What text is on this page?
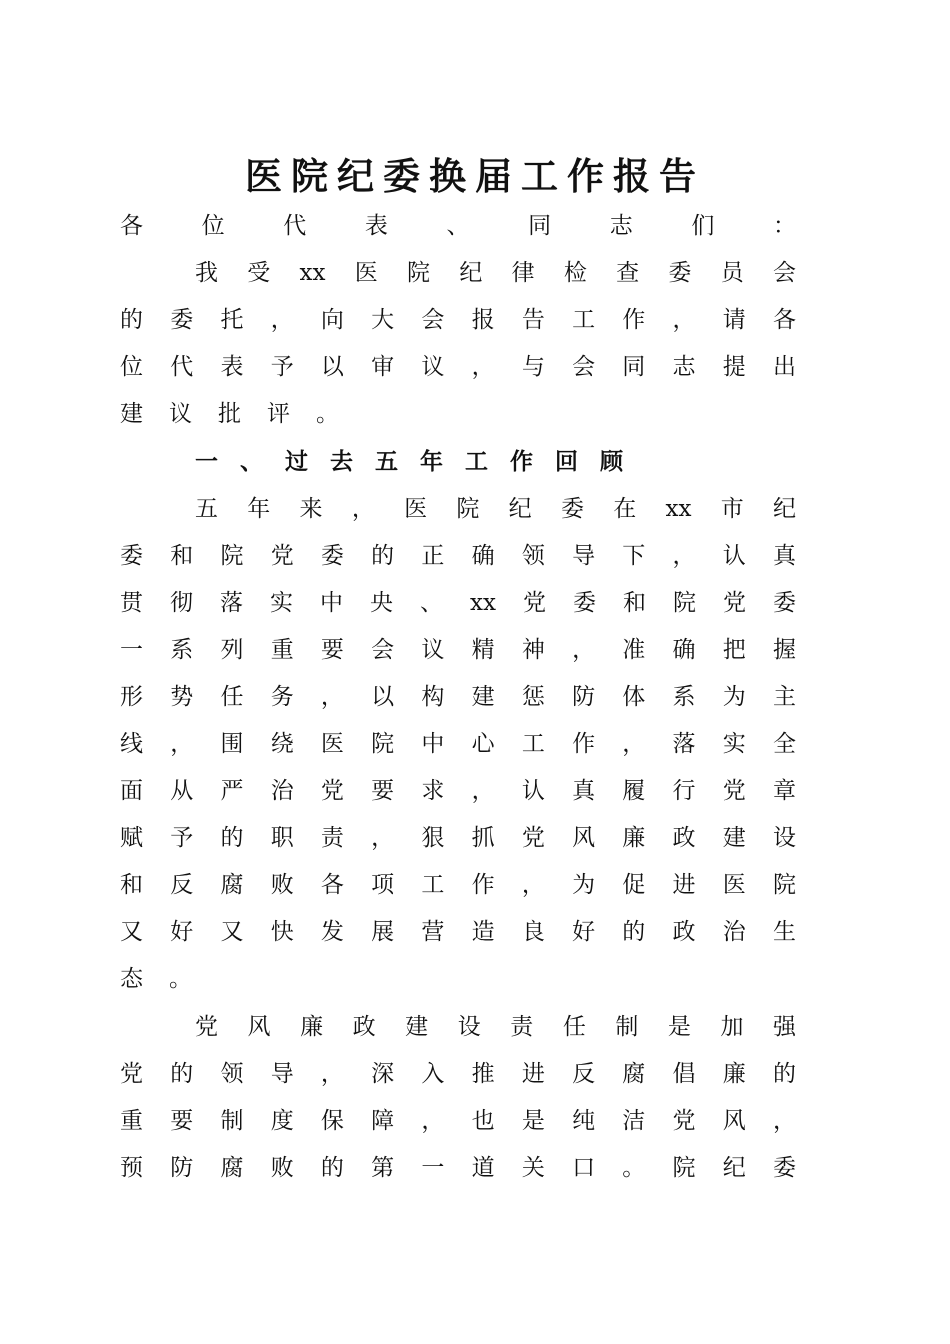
医院纪委换届工作报告
各位代表、同志们：
我受xx医院纪律检查委员会
的委托，向大会报告工作，请各
位代表予以审议，与会同志提出
建议批评。
一、过去五年工作回顾
五年来，医院纪委在xx市纪
委和院党委的正确领导下，认真
贯彻落实中央、xx党委和院党委
一系列重要会议精神，准确把握
形势任务，以构建惩防体系为主
线，围绕医院中心工作，落实全
面从严治党要求，认真履行党章
赋予的职责，狠抓党风廉政建设
和反腐败各项工作，为促进医院
又好又快发展营造良好的政治生
态。
党风廉政建设责任制是加强
党的领导，深入推进反腐倡廉的
重要制度保障，也是纯洁党风，
预防腐败的第一道关口。院纪委
